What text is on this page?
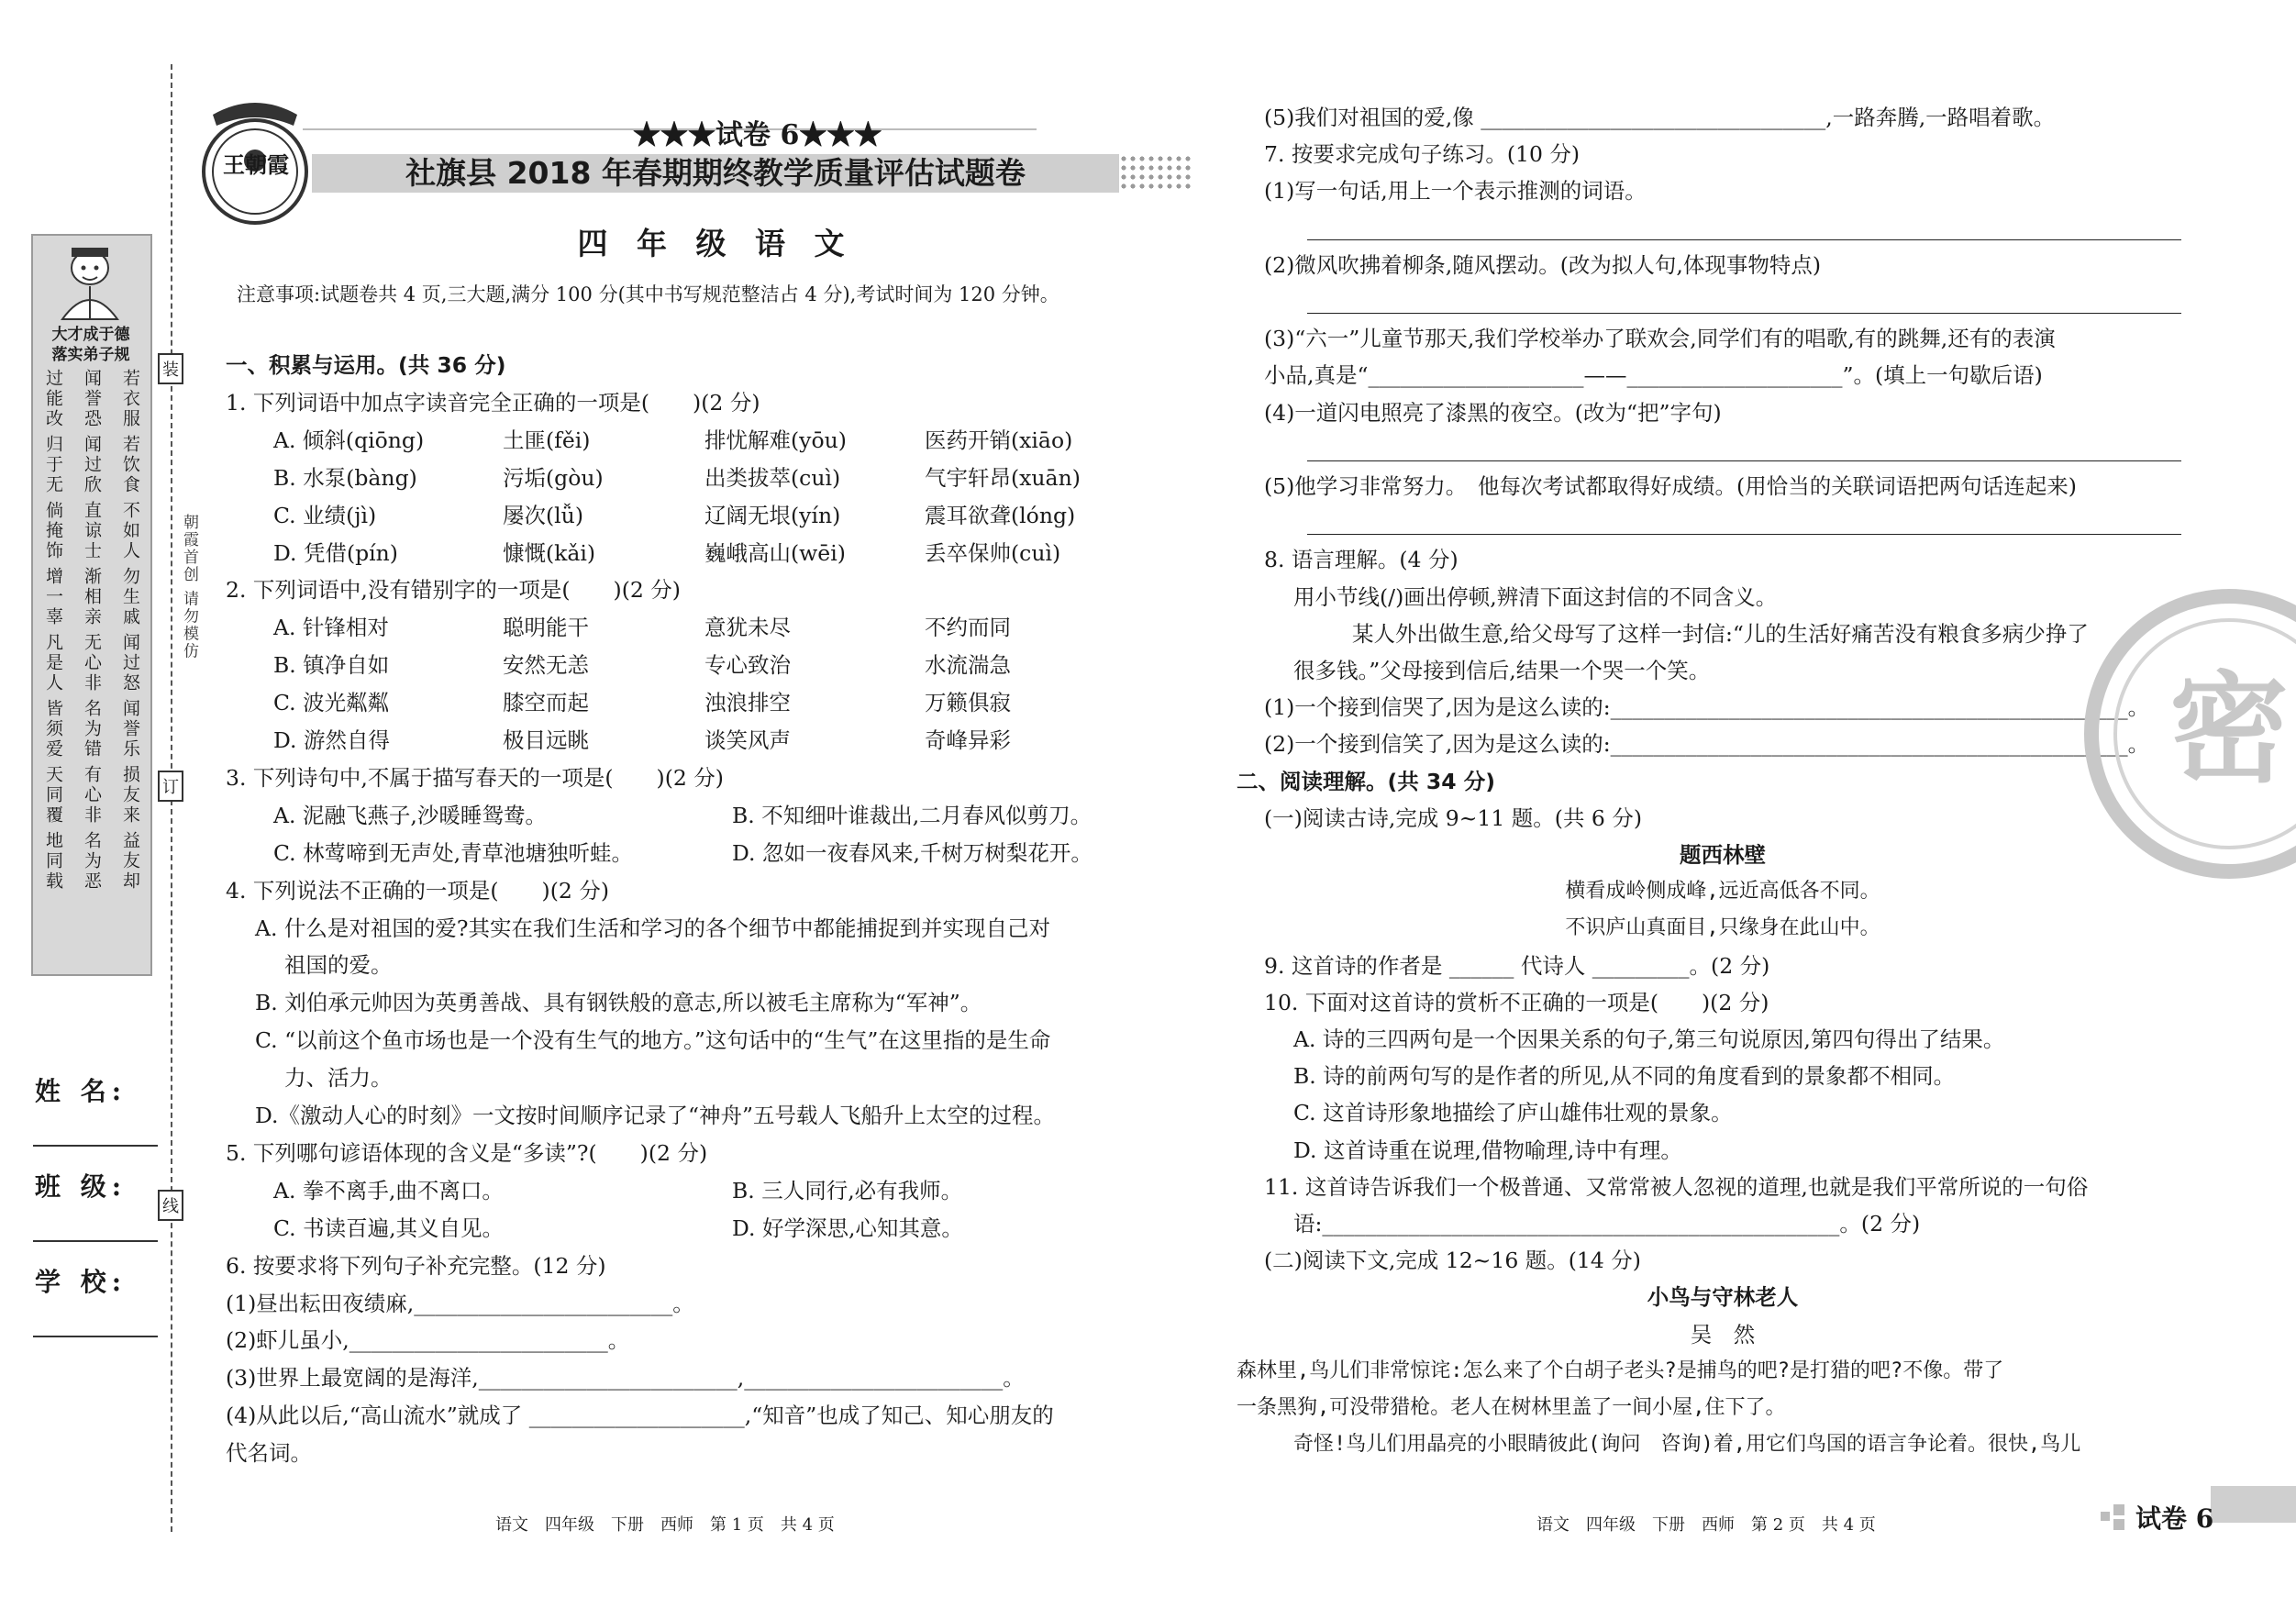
大才成于德
落实弟子规
过能改 闻誉恐 若衣服
归于无 闻过欣 若饮食
倘掩饰 直谅士 不如人
增一辜 渐相亲 勿生戚
凡是人 无心非 闻过怒
皆须爱 名为错 闻誉乐
天同覆 有心非 损友来
地同载 名为恶 益友却
装
订
线
朝霞首创 请勿模仿
姓 名:
班 级:
学 校:
王朝霞
★★★试卷 6★★★
社旗县 2018 年春期期终教学质量评估试题卷
四 年 级 语 文
注意事项:试题卷共 4 页,三大题,满分 100 分(其中书写规范整洁占 4 分),考试时间为 120 分钟。
一、积累与运用。(共 36 分)
1. 下列词语中加点字读音完全正确的一项是(　　)(2 分)
A. 倾斜(qiōng)	土匪(fěi)	排忧解难(yōu)	医药开销(xiāo)
B. 水泵(bàng)	污垢(gòu)	出类拔萃(cuì)	气宇轩昂(xuān)
C. 业绩(jì)	屡次(lǚ)	辽阔无垠(yín)	震耳欲聋(lóng)
D. 凭借(pín)	慷慨(kǎi)	巍峨高山(wēi)	丢卒保帅(cuì)
2. 下列词语中,没有错别字的一项是(　　)(2 分)
A. 针锋相对	聪明能干	意犹未尽	不约而同
B. 镇净自如	安然无恙	专心致治	水流湍急
C. 波光粼粼	膝空而起	浊浪排空	万籁俱寂
D. 游然自得	极目远眺	谈笑风声	奇峰异彩
3. 下列诗句中,不属于描写春天的一项是(　　)(2 分)
A. 泥融飞燕子,沙暖睡鸳鸯。	B. 不知细叶谁裁出,二月春风似剪刀。
C. 林莺啼到无声处,青草池塘独听蛙。	D. 忽如一夜春风来,千树万树梨花开。
4. 下列说法不正确的一项是(　　)(2 分)
A. 什么是对祖国的爱?其实在我们生活和学习的各个细节中都能捕捉到并实现自己对
祖国的爱。
B. 刘伯承元帅因为英勇善战、具有钢铁般的意志,所以被毛主席称为“军神”。
C. “以前这个鱼市场也是一个没有生气的地方。”这句话中的“生气”在这里指的是生命
力、活力。
D.《激动人心的时刻》一文按时间顺序记录了“神舟”五号载人飞船升上太空的过程。
5. 下列哪句谚语体现的含义是“多读”?(　　)(2 分)
A. 拳不离手,曲不离口。	B. 三人同行,必有我师。
C. 书读百遍,其义自见。	D. 好学深思,心知其意。
6. 按要求将下列句子补充完整。(12 分)
(1)昼出耘田夜绩麻,________________________。
(2)虾儿虽小,________________________。
(3)世界上最宽阔的是海洋,________________________,________________________。
(4)从此以后,“高山流水”就成了 ____________________,“知音”也成了知己、知心朋友的
代名词。
(5)我们对祖国的爱,像 ________________________________,一路奔腾,一路唱着歌。
7. 按要求完成句子练习。(10 分)
(1)写一句话,用上一个表示推测的词语。
(2)微风吹拂着柳条,随风摆动。(改为拟人句,体现事物特点)
(3)“六一”儿童节那天,我们学校举办了联欢会,同学们有的唱歌,有的跳舞,还有的表演
小品,真是“____________________——____________________”。(填上一句歇后语)
(4)一道闪电照亮了漆黑的夜空。(改为“把”字句)
(5)他学习非常努力。　他每次考试都取得好成绩。(用恰当的关联词语把两句话连起来)
8. 语言理解。(4 分)
用小节线(/)画出停顿,辨清下面这封信的不同含义。
某人外出做生意,给父母写了这样一封信:“儿的生活好痛苦没有粮食多病少挣了
很多钱。”父母接到信后,结果一个哭一个笑。
(1)一个接到信哭了,因为是这么读的:________________________________________________。
(2)一个接到信笑了,因为是这么读的:________________________________________________。
二、阅读理解。(共 34 分)
(一)阅读古诗,完成 9~11 题。(共 6 分)
题西林壁
横看成岭侧成峰,远近高低各不同。
不识庐山真面目,只缘身在此山中。
9. 这首诗的作者是 ______ 代诗人 _________。(2 分)
10. 下面对这首诗的赏析不正确的一项是(　　)(2 分)
A. 诗的三四两句是一个因果关系的句子,第三句说原因,第四句得出了结果。
B. 诗的前两句写的是作者的所见,从不同的角度看到的景象都不相同。
C. 这首诗形象地描绘了庐山雄伟壮观的景象。
D. 这首诗重在说理,借物喻理,诗中有理。
11. 这首诗告诉我们一个极普通、又常常被人忽视的道理,也就是我们平常所说的一句俗
语:________________________________________________。(2 分)
(二)阅读下文,完成 12~16 题。(14 分)
小鸟与守林老人
吴　然
森林里,鸟儿们非常惊诧:怎么来了个白胡子老头?是捕鸟的吧?是打猎的吧?不像。带了
一条黑狗,可没带猎枪。老人在树林里盖了一间小屋,住下了。
奇怪!鸟儿们用晶亮的小眼睛彼此(询问　咨询)着,用它们鸟国的语言争论着。很快,鸟儿
密
语文　四年级　下册　西师　第 1 页　共 4 页	语文　四年级　下册　西师　第 2 页　共 4 页	试卷 6
